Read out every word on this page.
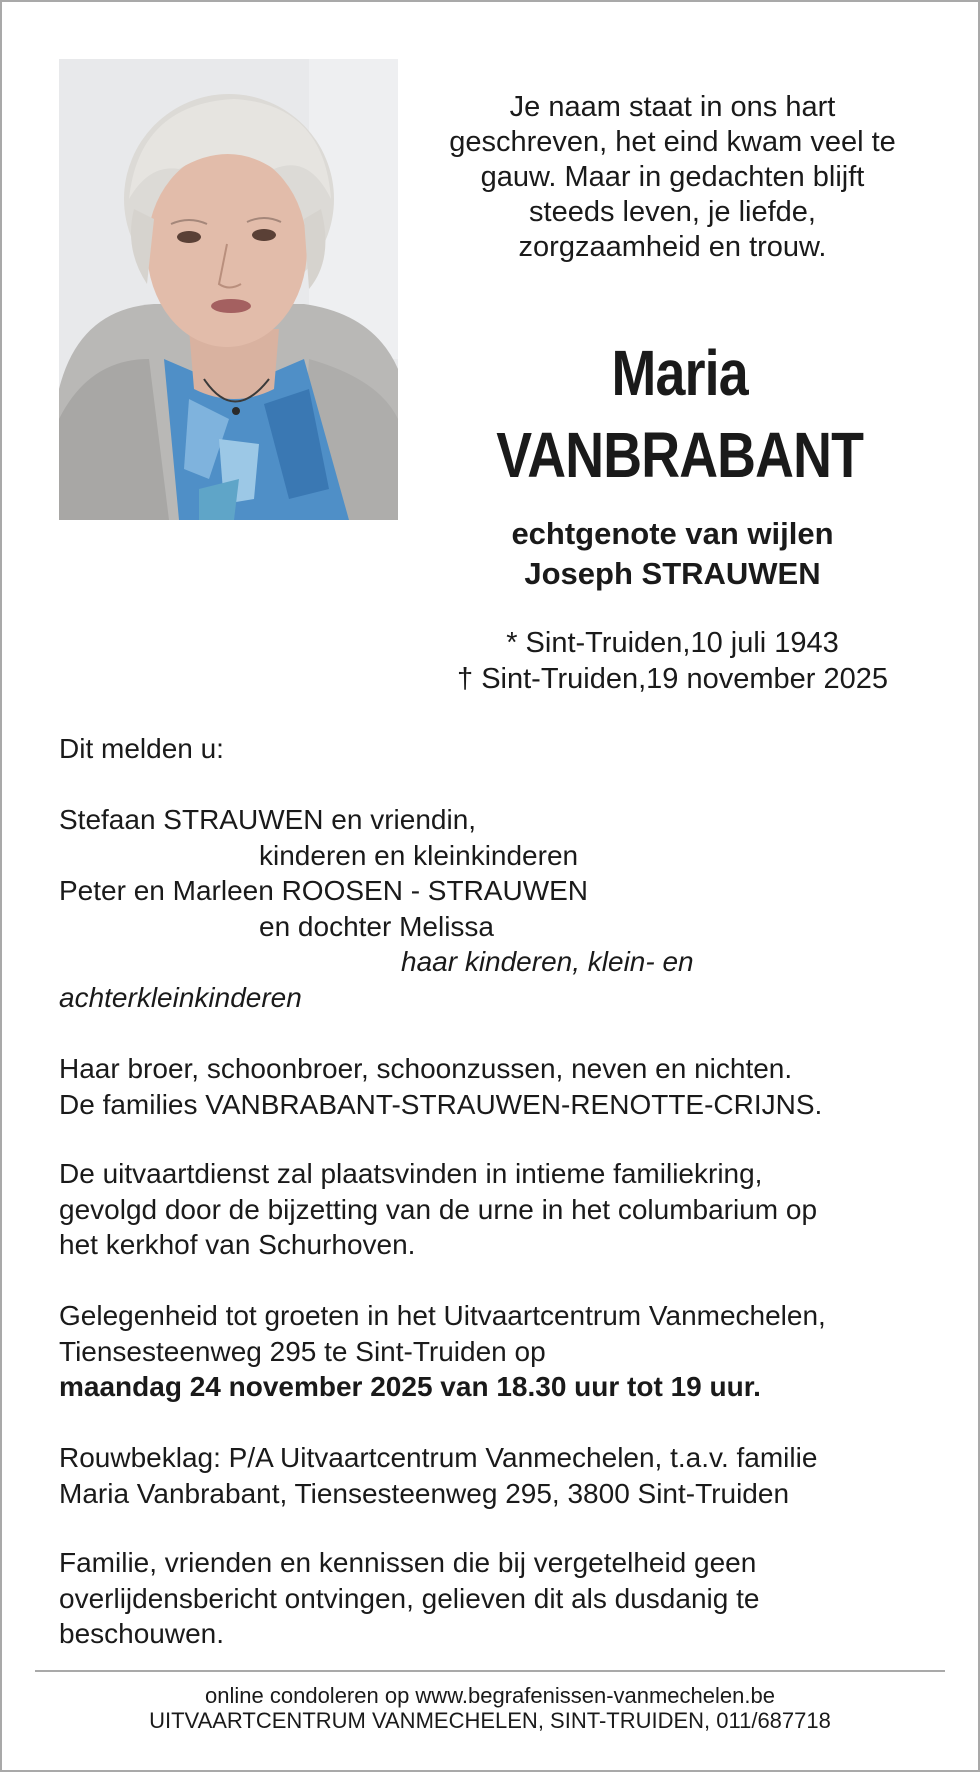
Je naam staat in ons hart
geschreven, het eind kwam veel te
gauw. Maar in gedachten blijft
steeds leven, je liefde,
zorgzaamheid en trouw.
Maria
VANBRABANT
echtgenote van wijlen
Joseph STRAUWEN
* Sint-Truiden,10 juli 1943
† Sint-Truiden,19 november 2025
Dit melden u:
Stefaan STRAUWEN en vriendin,
kinderen en kleinkinderen
Peter en Marleen ROOSEN - STRAUWEN
en dochter Melissa
haar kinderen, klein- en
achterkleinkinderen
Haar broer, schoonbroer, schoonzussen, neven en nichten.
De families VANBRABANT-STRAUWEN-RENOTTE-CRIJNS.
De uitvaartdienst zal plaatsvinden in intieme familiekring,
gevolgd door de bijzetting van de urne in het columbarium op
het kerkhof van Schurhoven.
Gelegenheid tot groeten in het Uitvaartcentrum Vanmechelen,
Tiensesteenweg 295 te Sint-Truiden op
maandag 24 november 2025 van 18.30 uur tot 19 uur.
Rouwbeklag: P/A Uitvaartcentrum Vanmechelen, t.a.v. familie
Maria Vanbrabant, Tiensesteenweg 295, 3800 Sint-Truiden
Familie, vrienden en kennissen die bij vergetelheid geen
overlijdensbericht ontvingen, gelieven dit als dusdanig te
beschouwen.
online condoleren op www.begrafenissen-vanmechelen.be
UITVAARTCENTRUM VANMECHELEN, SINT-TRUIDEN, 011/687718
